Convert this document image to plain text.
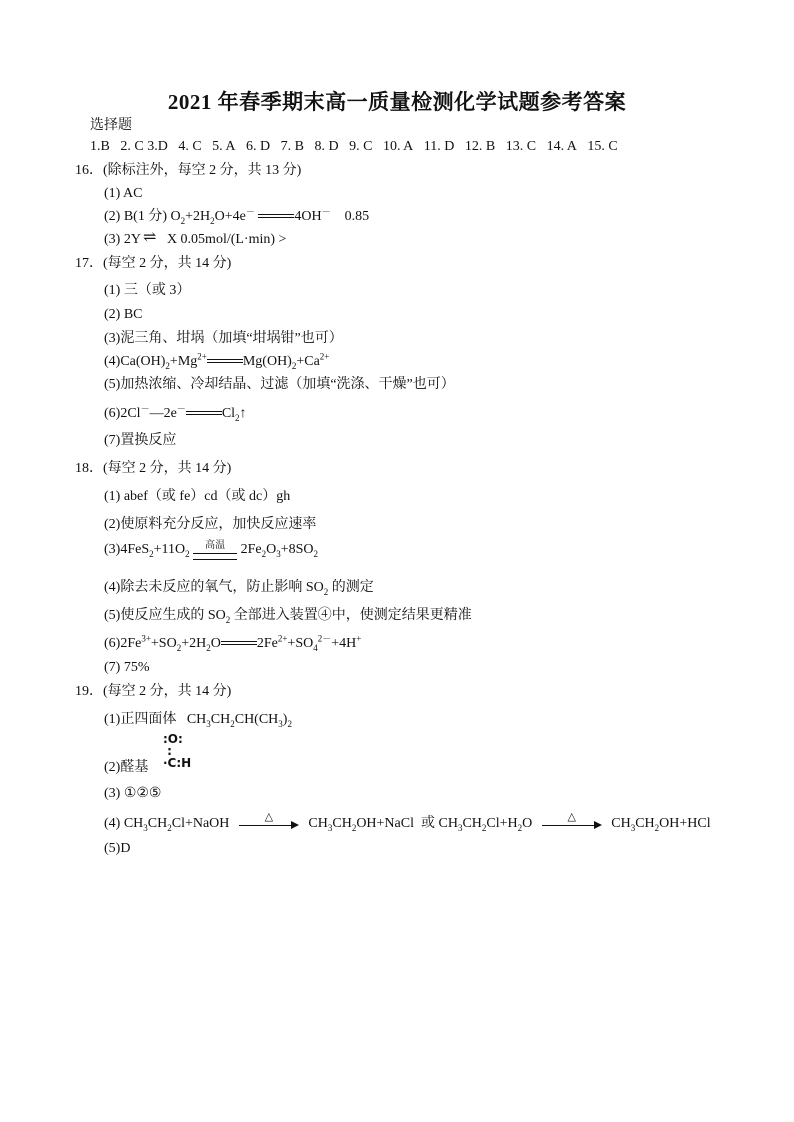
2021 年春季期末高一质量检测化学试题参考答案
选择题
1.B 2. C 3.D 4. C 5. A 6. D 7. B 8. D 9. C 10. A 11. D 12. B 13. C 14. A 15. C
16．(除标注外，每空 2 分，共 13 分)
(1) AC
(2) B(1 分) $O_2+2H_2O+4e^-$	4OH－ 0.85
(3) 2Y ⇌ X 0.05mol/(L·min) >
17．(每空 2 分，共 14 分)
(1) 三（或 3）
(2) BC
(3)泥三角、坩埚（加填“坩埚钳”也可）
$(4)Ca(OH)_2+Mg^{2+}$	$Mg(OH)_2+Ca^{2+}$
(5)加热浓缩、冷却结晶、过滤（加填“洗涤、干燥”也可）
(6)2Cl－—2e－	$Cl_2↑$
(7)置换反应
18．(每空 2 分，共 14 分)
(1) abef（或 fe）cd（或 dc）gh
(2)使原料充分反应，加快反应速率
$(3)4FeS_2+11O_2$
高温 $2Fe_2O_3+8SO_2$
(4)除去未反应的氧气，防止影响 $SO_2$ 的测定
(5)使反应生成的 $SO_2$ 全部进入装置④中，使测定结果更精准
$(6)2Fe^{3+}+SO_2+2H_2O$	$2Fe^{2+}+SO_4^{2-}+4H^+$
(7) 75%
19．(每空 2 分，共 14 分)
(1)正四面体   $CH_3CH_2CH(CH_3)_2$
:O:
:
·C:H
(2)醛基
(3) ①②⑤
(4) $CH_3CH_2Cl+NaOH$	△	$CH_3CH_2OH+NaCl$  或 $CH_3CH_2Cl+H_2O$	△	$CH_3CH_2OH+HCl$
(5)D
